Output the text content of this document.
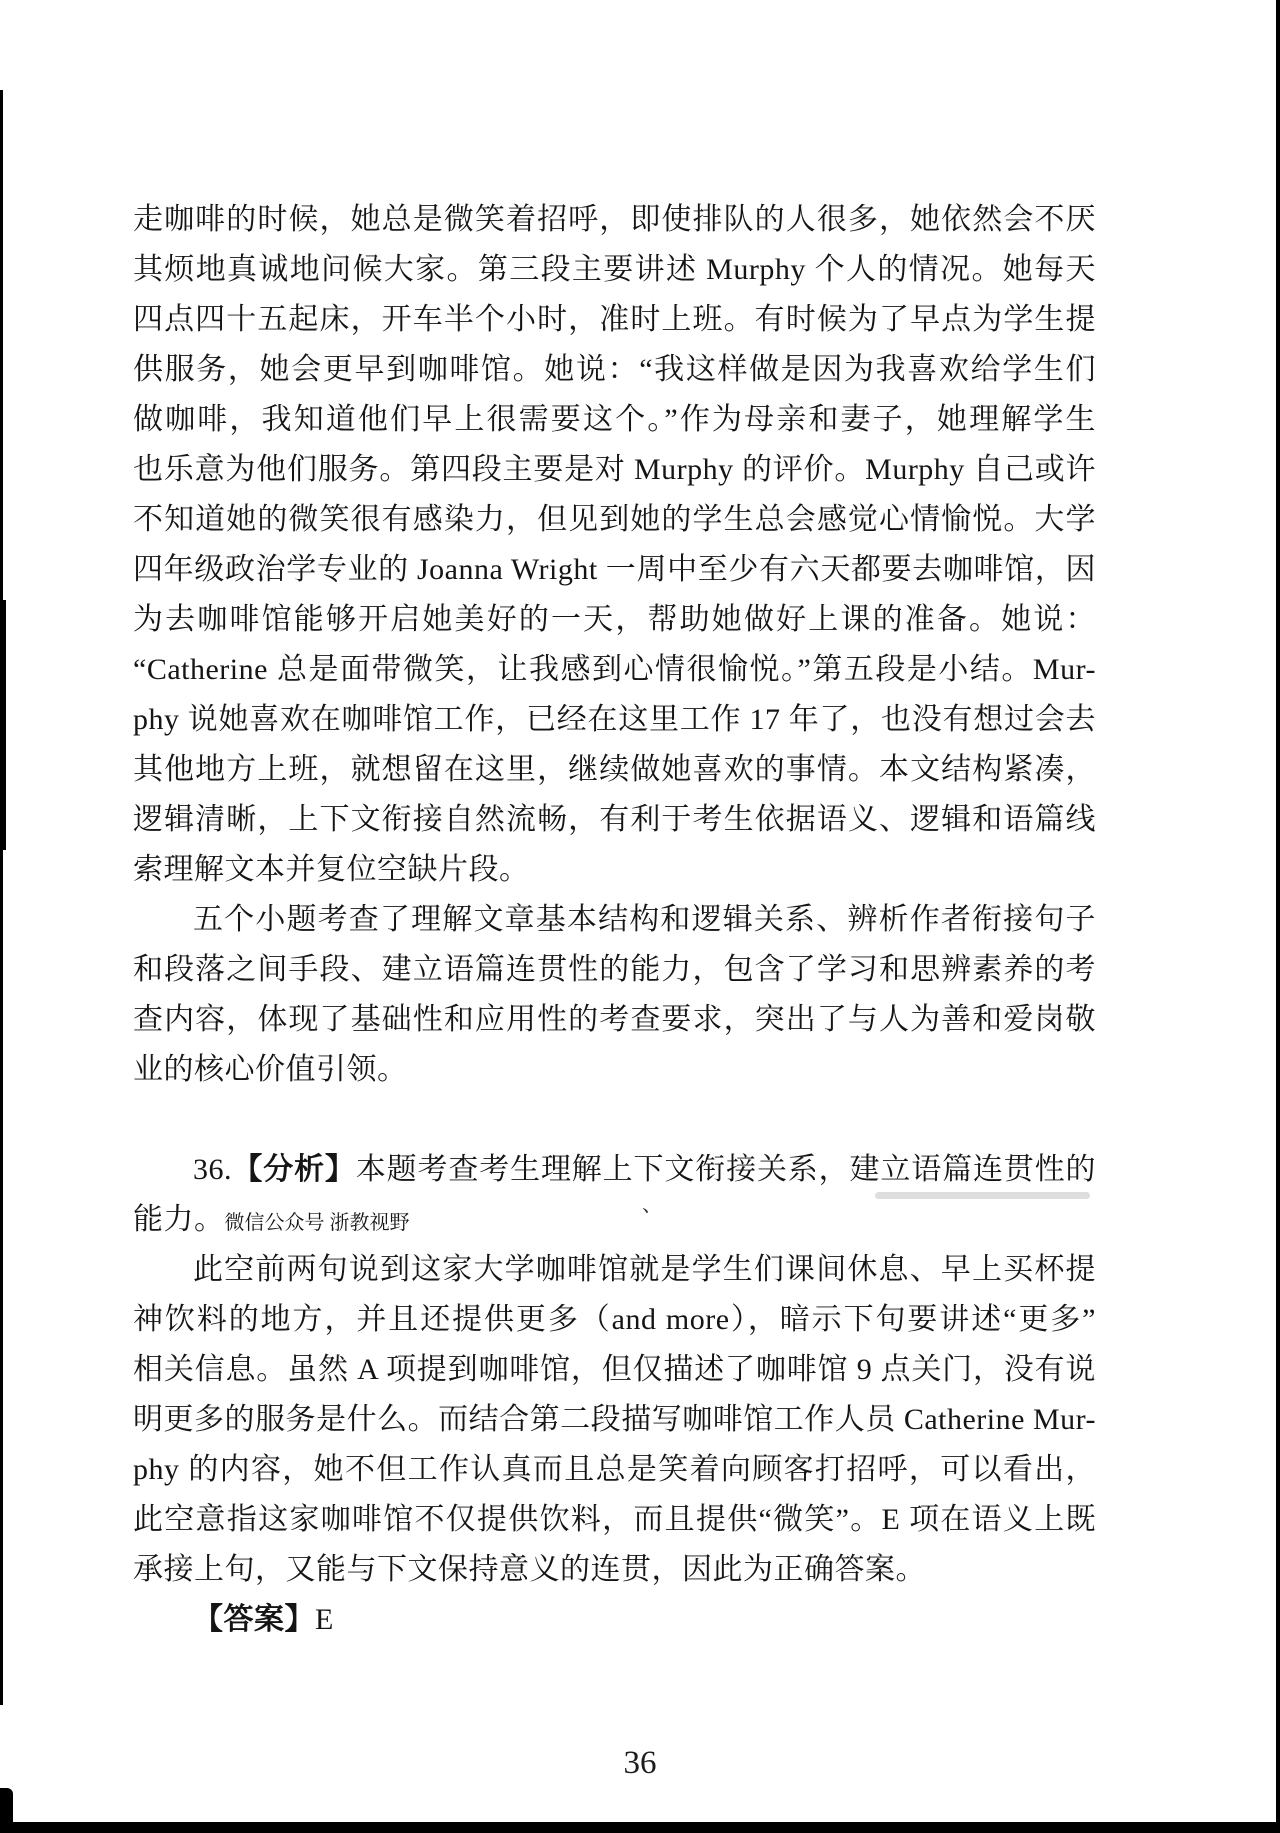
走咖啡的时候，她总是微笑着招呼，即使排队的人很多，她依然会不厌
其烦地真诚地问候大家。第三段主要讲述 Murphy 个人的情况。她每天
四点四十五起床，开车半个小时，准时上班。有时候为了早点为学生提
供服务，她会更早到咖啡馆。她说：“我这样做是因为我喜欢给学生们
做咖啡，我知道他们早上很需要这个。”作为母亲和妻子，她理解学生
也乐意为他们服务。第四段主要是对 Murphy 的评价。Murphy 自己或许
不知道她的微笑很有感染力，但见到她的学生总会感觉心情愉悦。大学
四年级政治学专业的 Joanna Wright 一周中至少有六天都要去咖啡馆，因
为去咖啡馆能够开启她美好的一天，帮助她做好上课的准备。她说：
“Catherine 总是面带微笑，让我感到心情很愉悦。”第五段是小结。Mur-
phy 说她喜欢在咖啡馆工作，已经在这里工作 17 年了，也没有想过会去
其他地方上班，就想留在这里，继续做她喜欢的事情。本文结构紧凑，
逻辑清晰，上下文衔接自然流畅，有利于考生依据语义、逻辑和语篇线
索理解文本并复位空缺片段。
五个小题考查了理解文章基本结构和逻辑关系、辨析作者衔接句子
和段落之间手段、建立语篇连贯性的能力，包含了学习和思辨素养的考
查内容，体现了基础性和应用性的考查要求，突出了与人为善和爱岗敬
业的核心价值引领。
36.【分析】本题考查考生理解上下文衔接关系，建立语篇连贯性的
能力。微信公众号 浙教视野
此空前两句说到这家大学咖啡馆就是学生们课间休息、早上买杯提
神饮料的地方，并且还提供更多（and more），暗示下句要讲述“更多”
相关信息。虽然 A 项提到咖啡馆，但仅描述了咖啡馆 9 点关门，没有说
明更多的服务是什么。而结合第二段描写咖啡馆工作人员 Catherine Mur-
phy 的内容，她不但工作认真而且总是笑着向顾客打招呼，可以看出，
此空意指这家咖啡馆不仅提供饮料，而且提供“微笑”。E 项在语义上既
承接上句，又能与下文保持意义的连贯，因此为正确答案。
【答案】E
、
36
